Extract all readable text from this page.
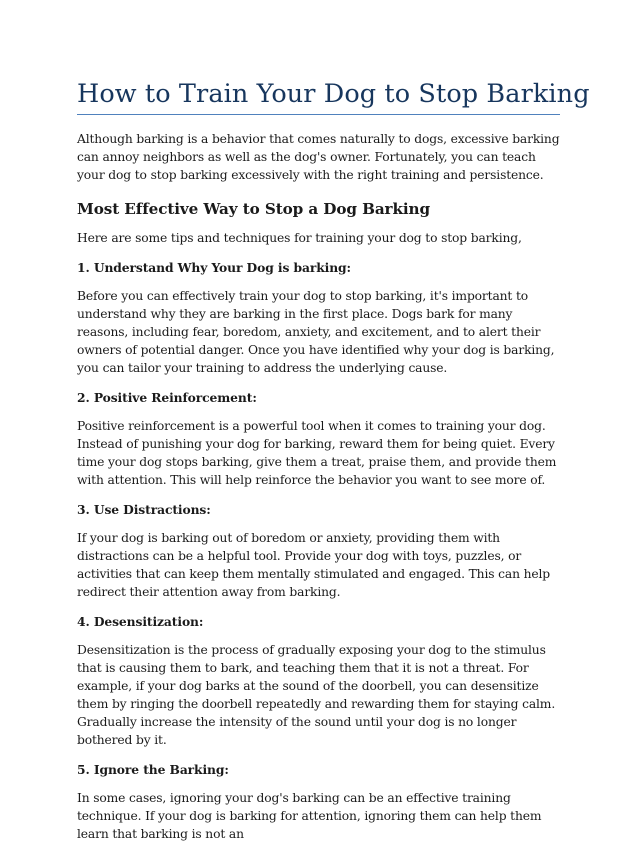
How to Train Your Dog to Stop Barking

Although barking is a behavior that comes naturally to dogs, excessive barking can annoy neighbors as well as the dog's owner. Fortunately, you can teach your dog to stop barking excessively with the right training and persistence.

Most Effective Way to Stop a Dog Barking

Here are some tips and techniques for training your dog to stop barking,

1. Understand Why Your Dog is barking:

Before you can effectively train your dog to stop barking, it's important to understand why they are barking in the first place. Dogs bark for many reasons, including fear, boredom, anxiety, and excitement, and to alert their owners of potential danger. Once you have identified why your dog is barking, you can tailor your training to address the underlying cause.

2. Positive Reinforcement:

Positive reinforcement is a powerful tool when it comes to training your dog. Instead of punishing your dog for barking, reward them for being quiet. Every time your dog stops barking, give them a treat, praise them, and provide them with attention. This will help reinforce the behavior you want to see more of.

3. Use Distractions:

If your dog is barking out of boredom or anxiety, providing them with distractions can be a helpful tool. Provide your dog with toys, puzzles, or activities that can keep them mentally stimulated and engaged. This can help redirect their attention away from barking.

4. Desensitization:

Desensitization is the process of gradually exposing your dog to the stimulus that is causing them to bark, and teaching them that it is not a threat. For example, if your dog barks at the sound of the doorbell, you can desensitize them by ringing the doorbell repeatedly and rewarding them for staying calm. Gradually increase the intensity of the sound until your dog is no longer bothered by it.

5. Ignore the Barking:

In some cases, ignoring your dog's barking can be an effective training technique. If your dog is barking for attention, ignoring them can help them learn that barking is not an
